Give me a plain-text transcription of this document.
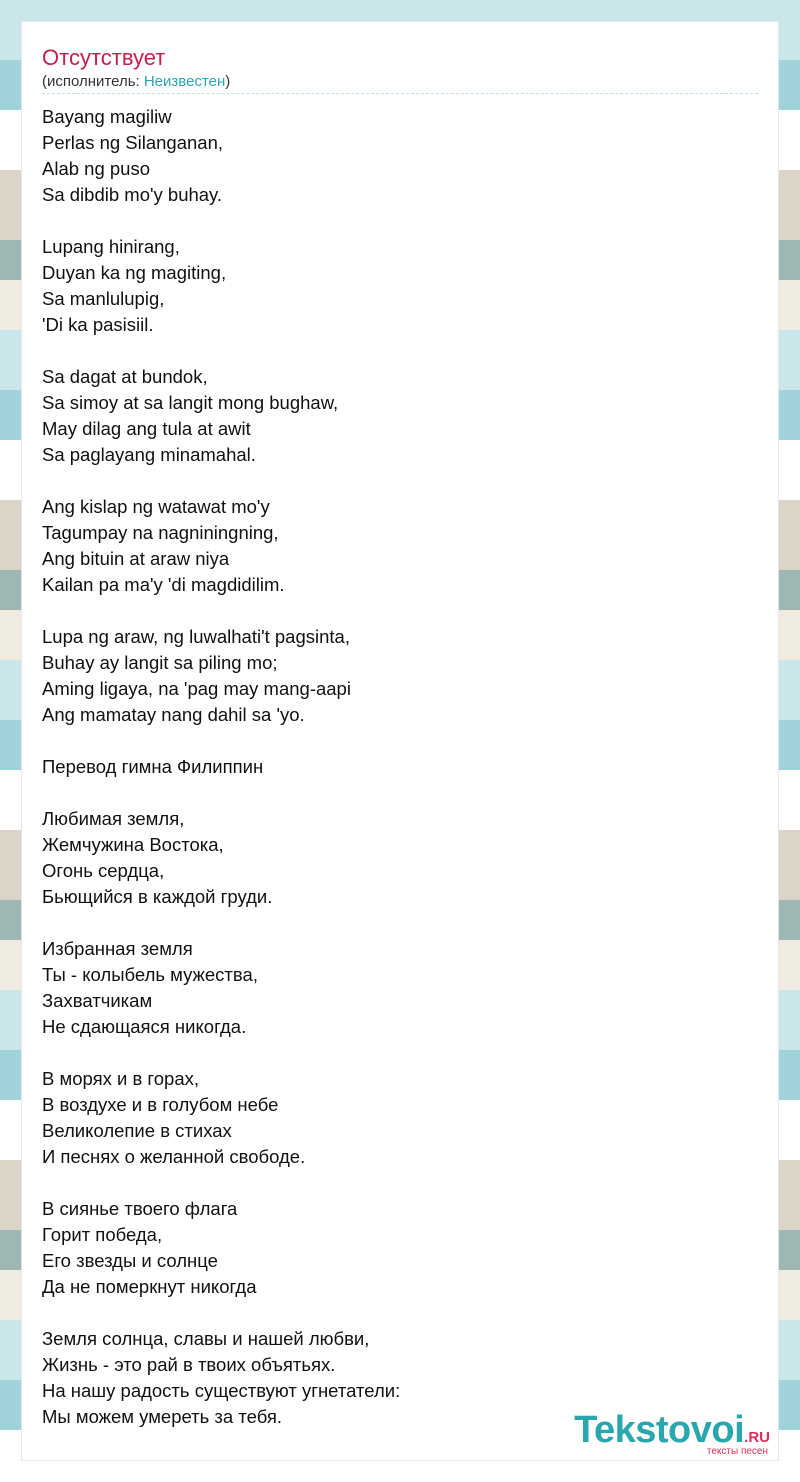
Отсутствует
(исполнитель: Неизвестен)
Bayang magiliw
Perlas ng Silanganan,
Alab ng puso
Sa dibdib mo'y buhay.
Lupang hinirang,
Duyan ka ng magiting,
Sa manlulupig,
'Di ka pasisiil.
Sa dagat at bundok,
Sa simoy at sa langit mong bughaw,
May dilag ang tula at awit
Sa paglayang minamahal.
Ang kislap ng watawat mo'y
Tagumpay na nagniningning,
Ang bituin at araw niya
Kailan pa ma'y 'di magdidilim.
Lupa ng araw, ng luwalhati't pagsinta,
Buhay ay langit sa piling mo;
Aming ligaya, na 'pag may mang-aapi
Ang mamatay nang dahil sa 'yo.
Перевод гимна Филиппин
Любимая земля,
Жемчужина Востока,
Огонь сердца,
Бьющийся в каждой груди.
Избранная земля
Ты - колыбель мужества,
Захватчикам
Не сдающаяся никогда.
В морях и в горах,
В воздухе и в голубом небе
Великолепие в стихах
И песнях о желанной свободе.
В сиянье твоего флага
Горит победа,
Его звезды и солнце
Да не померкнут никогда
Земля солнца, славы и нашей любви,
Жизнь - это рай в твоих объятьях.
На нашу радость существуют угнетатели:
Мы можем умереть за тебя.	Tekstovoi.RU
тексты песен
